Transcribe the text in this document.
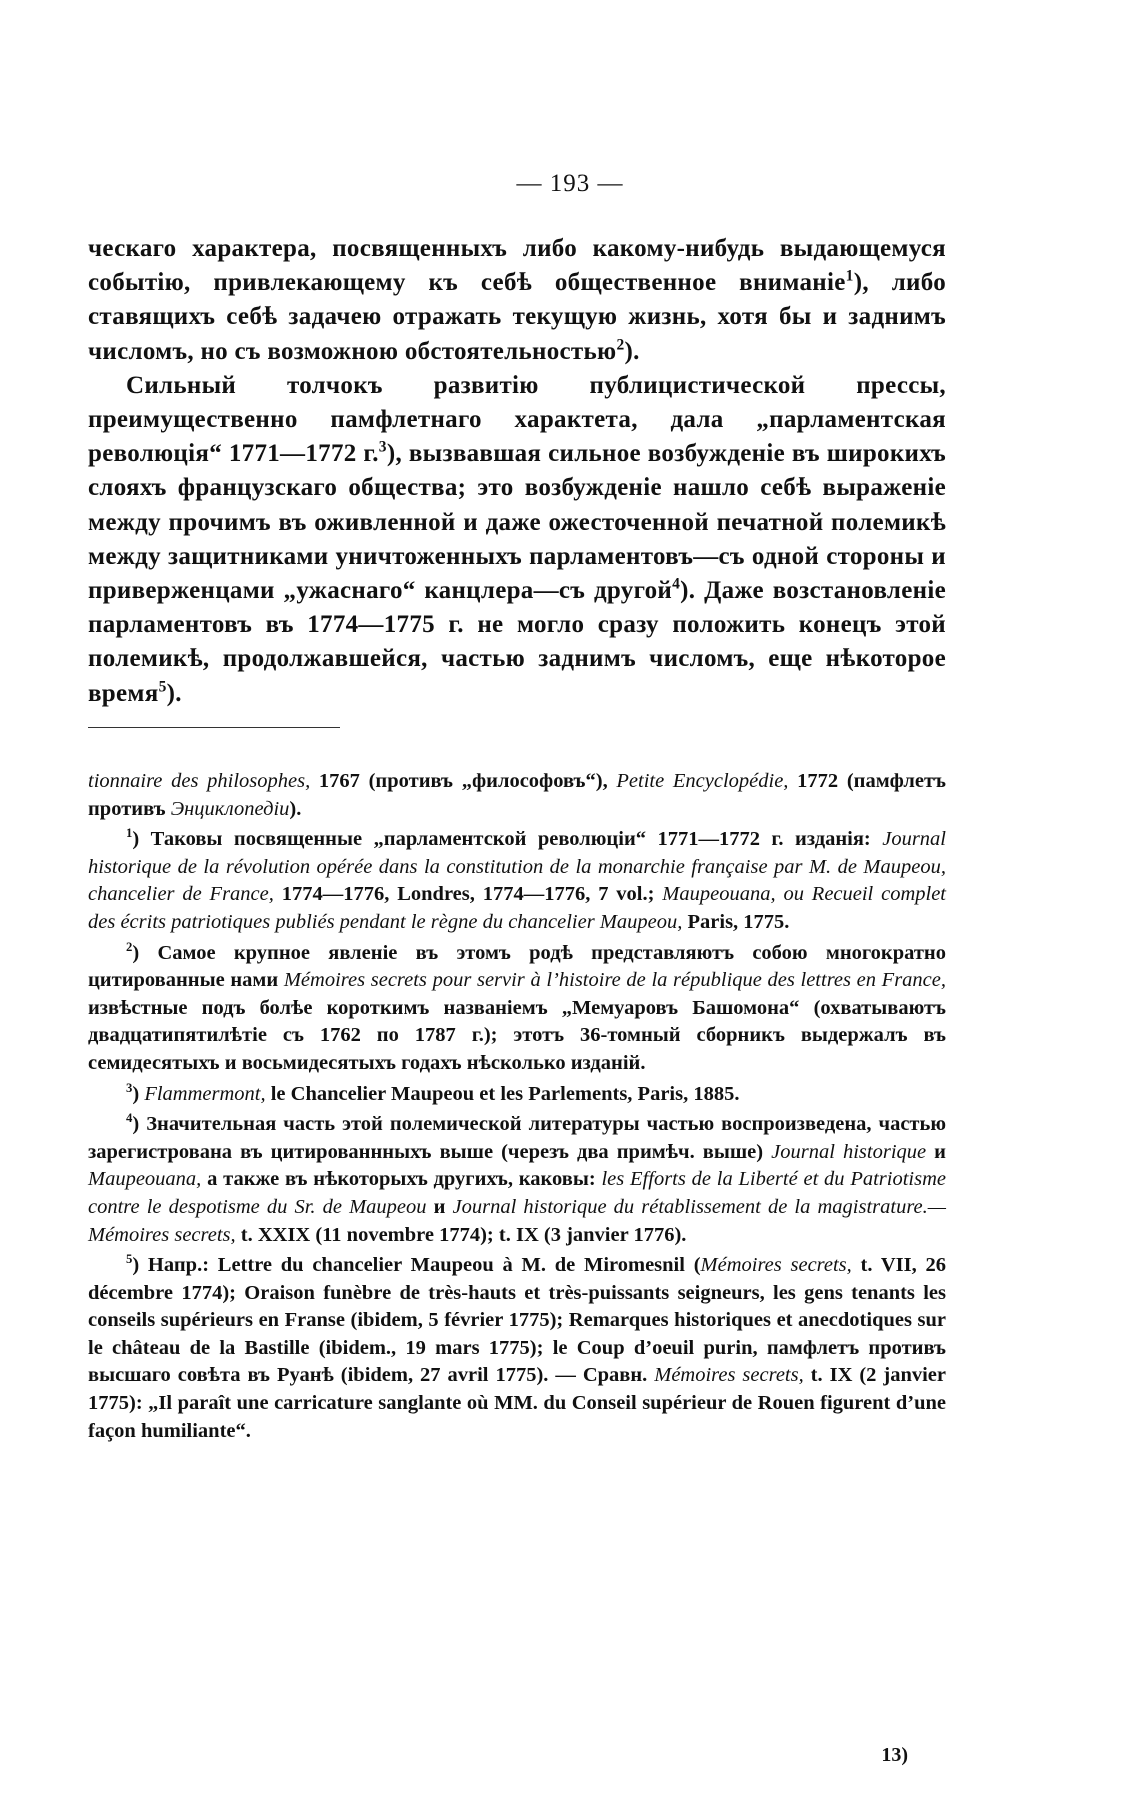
— 193 —

ческаго характера, посвященныхъ либо какому-нибудь выдающемуся событію, привлекающему къ себѣ общественное вниманіе$^1$), либо ставящихъ себѣ задачею отражать текущую жизнь, хотя бы и заднимъ числомъ, но съ возможною обстоятельностью$^2$).

Сильный толчокъ развитію публицистической прессы, преимущественно памфлетнаго характета, дала „парламентская революція“ 1771—1772 г.$^3$), вызвавшая сильное возбужденіе въ широкихъ слояхъ французскаго общества; это возбужденіе нашло себѣ выраженіе между прочимъ въ оживленной и даже ожесточенной печатной полемикѣ между защитниками уничтоженныхъ парламентовъ—съ одной стороны и приверженцами „ужаснаго“ канцлера—съ другой$^4$). Даже возстановленіе парламентовъ въ 1774—1775 г. не могло сразу положить конецъ этой полемикѣ, продолжавшейся, частью заднимъ числомъ, еще нѣкоторое время$^5$).

tionnaire des philosophes, 1767 (противъ „философовъ“), Petite Encyclopédie, 1772 (памфлетъ противъ Энциклопедіи).

$^1$) Таковы посвященные „парламентской революціи“ 1771—1772 г. изданія: Journal historique de la révolution opérée dans la constitution de la monarchie française par M. de Maupeou, chancelier de France, 1774—1776, Londres, 1774—1776, 7 vol.; Maupeouana, ou Recueil complet des écrits patriotiques publiés pendant le règne du chancelier Maupeou, Paris, 1775.

$^2$) Самое крупное явленіе въ этомъ родѣ представляютъ собою многократно цитированные нами Mémoires secrets pour servir à l’histoire de la république des lettres en France, извѣстные подъ болѣе короткимъ названіемъ „Мемуаровъ Башомона“ (охватываютъ двадцатипятилѣтіе съ 1762 по 1787 г.); этотъ 36-томный сборникъ выдержалъ въ семидесятыхъ и восьмидесятыхъ годахъ нѣсколько изданій.

$^3$) Flammermont, le Chancelier Maupeou et les Parlements, Paris, 1885.

$^4$) Значительная часть этой полемической литературы частью воспроизведена, частью зарегистрована въ цитированнныхъ выше (черезъ два примѣч. выше) Journal historique и Maupeouana, а также въ нѣкоторыхъ другихъ, каковы: les Efforts de la Liberté et du Patriotisme contre le despotisme du Sr. de Maupeou и Journal historique du rétablissement de la magistrature.—Mémoires secrets, t. XXIX (11 novembre 1774); t. IX (3 janvier 1776).

$^5$) Напр.: Lettre du chancelier Maupeou à M. de Miromesnil (Mémoires secrets, t. VII, 26 décembre 1774); Oraison funèbre de très-hauts et très-puissants seigneurs, les gens tenants les conseils supérieurs en Franse (ibidem, 5 février 1775); Remarques historiques et anecdotiques sur le château de la Bastille (ibidem., 19 mars 1775); le Coup d’oeuil purin, памфлетъ противъ высшаго совѣта въ Руанѣ (ibidem, 27 avril 1775). — Сравн. Mémoires secrets, t. IX (2 janvier 1775): „Il paraît une carricature sanglante où MM. du Conseil supérieur de Rouen figurent d’une façon humiliante“.

13)
